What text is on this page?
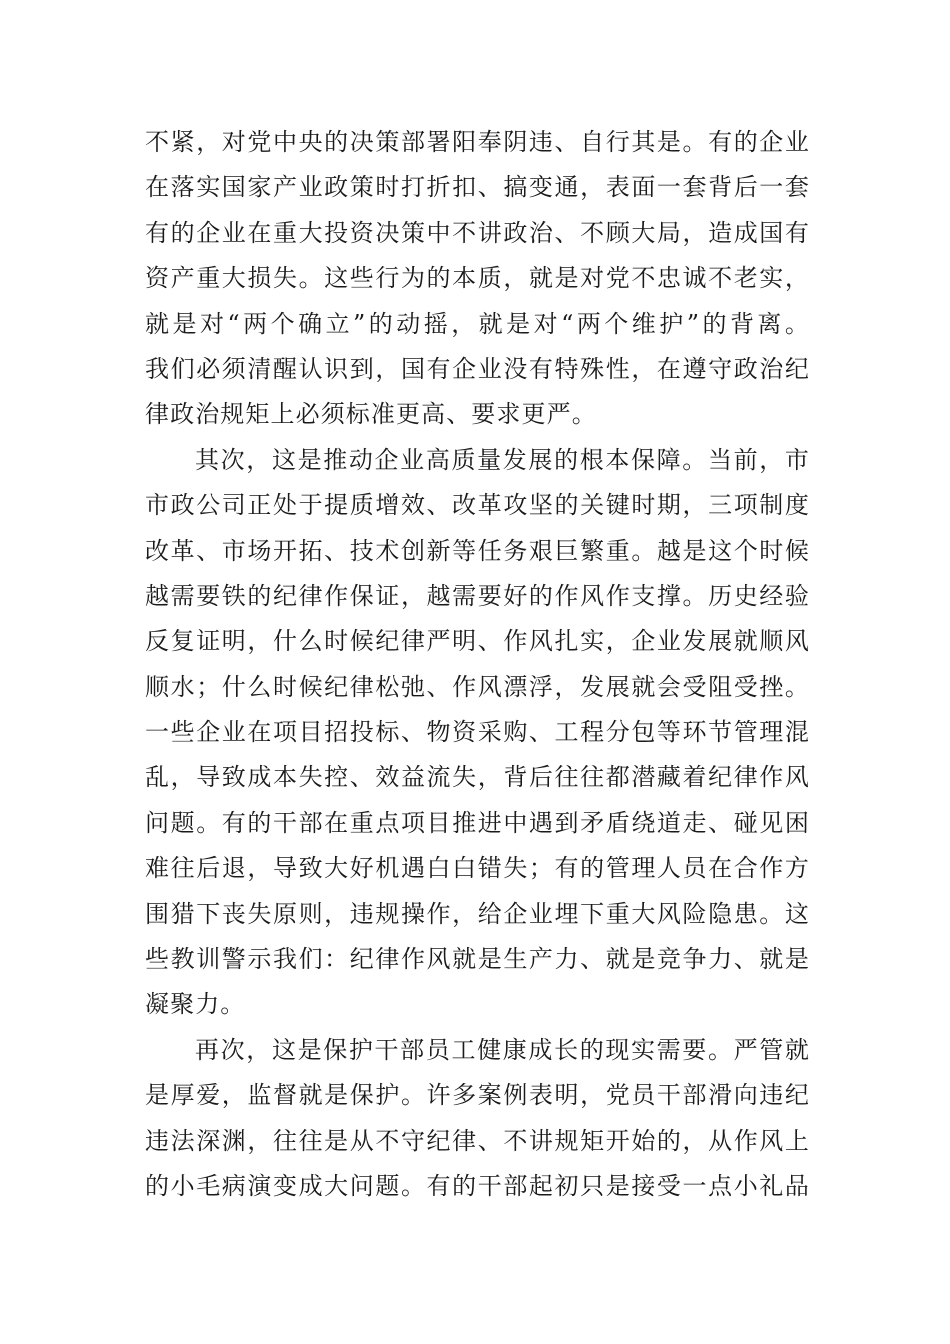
不紧，对党中央的决策部署阳奉阴违、自行其是。有的企业
在落实国家产业政策时打折扣、搞变通，表面一套背后一套
有的企业在重大投资决策中不讲政治、不顾大局，造成国有
资产重大损失。这些行为的本质，就是对党不忠诚不老实，
就是对“两个确立”的动摇，就是对“两个维护”的背离。
我们必须清醒认识到，国有企业没有特殊性，在遵守政治纪
律政治规矩上必须标准更高、要求更严。
其次，这是推动企业高质量发展的根本保障。当前，市
市政公司正处于提质增效、改革攻坚的关键时期，三项制度
改革、市场开拓、技术创新等任务艰巨繁重。越是这个时候
越需要铁的纪律作保证，越需要好的作风作支撑。历史经验
反复证明，什么时候纪律严明、作风扎实，企业发展就顺风
顺水；什么时候纪律松弛、作风漂浮，发展就会受阻受挫。
一些企业在项目招投标、物资采购、工程分包等环节管理混
乱，导致成本失控、效益流失，背后往往都潜藏着纪律作风
问题。有的干部在重点项目推进中遇到矛盾绕道走、碰见困
难往后退，导致大好机遇白白错失；有的管理人员在合作方
围猎下丧失原则，违规操作，给企业埋下重大风险隐患。这
些教训警示我们：纪律作风就是生产力、就是竞争力、就是
凝聚力。
再次，这是保护干部员工健康成长的现实需要。严管就
是厚爱，监督就是保护。许多案例表明，党员干部滑向违纪
违法深渊，往往是从不守纪律、不讲规矩开始的，从作风上
的小毛病演变成大问题。有的干部起初只是接受一点小礼品
